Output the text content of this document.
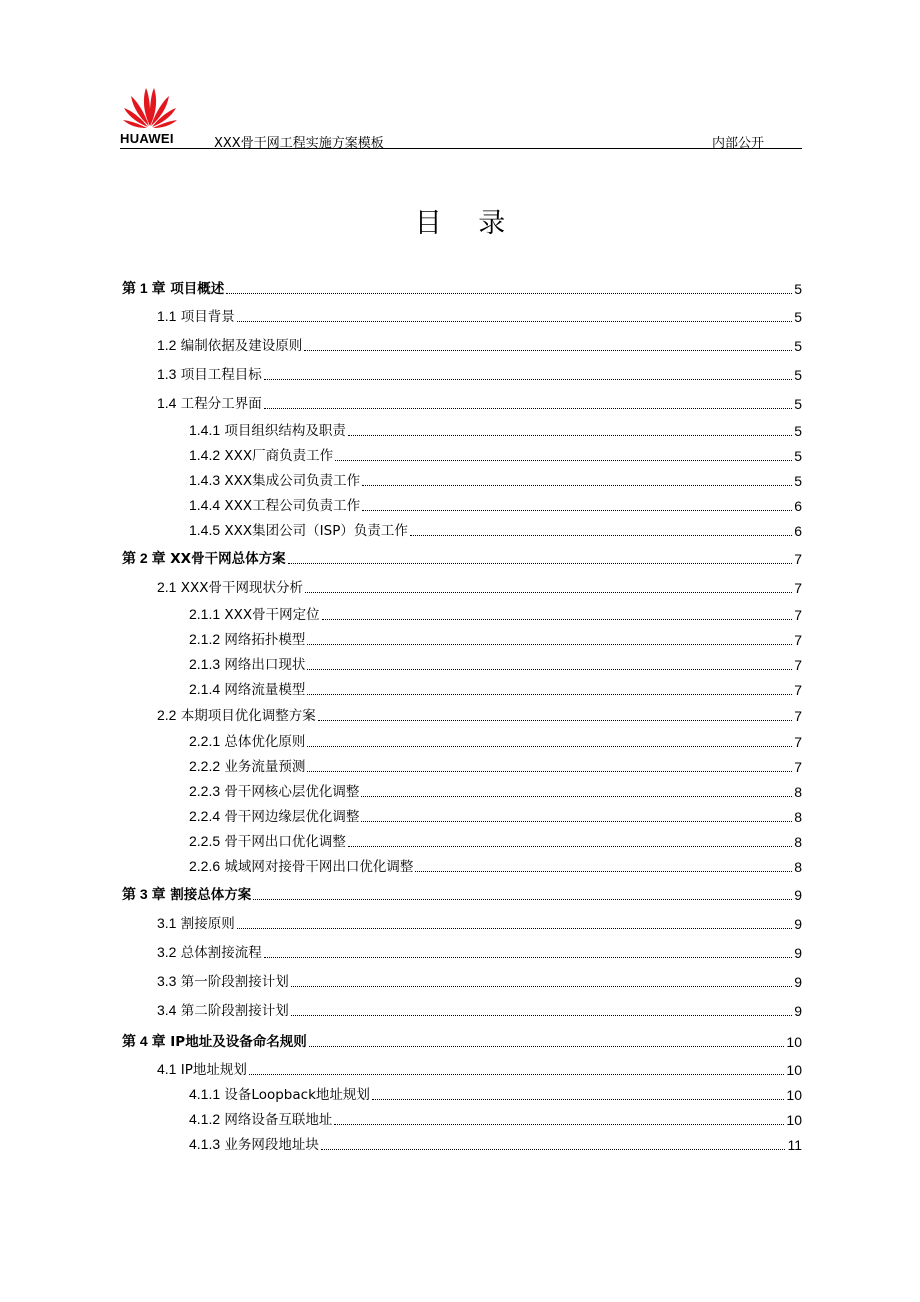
HUAWEI	XXX骨干网工程实施方案模板	内部公开
目 录
第 1 章 项目概述	5
1.1 项目背景	5
1.2 编制依据及建设原则	5
1.3 项目工程目标	5
1.4 工程分工界面	5
1.4.1 项目组织结构及职责	5
1.4.2 XXX厂商负责工作	5
1.4.3 XXX集成公司负责工作	5
1.4.4 XXX工程公司负责工作	6
1.4.5 XXX集团公司（ISP）负责工作	6
第 2 章 XX骨干网总体方案	7
2.1 XXX骨干网现状分析	7
2.1.1 XXX骨干网定位	7
2.1.2 网络拓扑模型	7
2.1.3 网络出口现状	7
2.1.4 网络流量模型	7
2.2 本期项目优化调整方案	7
2.2.1 总体优化原则	7
2.2.2 业务流量预测	7
2.2.3 骨干网核心层优化调整	8
2.2.4 骨干网边缘层优化调整	8
2.2.5 骨干网出口优化调整	8
2.2.6 城域网对接骨干网出口优化调整	8
第 3 章 割接总体方案	9
3.1 割接原则	9
3.2 总体割接流程	9
3.3 第一阶段割接计划	9
3.4 第二阶段割接计划	9
第 4 章 IP地址及设备命名规则	10
4.1 IP地址规划	10
4.1.1 设备Loopback地址规划	10
4.1.2 网络设备互联地址	10
4.1.3 业务网段地址块	11
